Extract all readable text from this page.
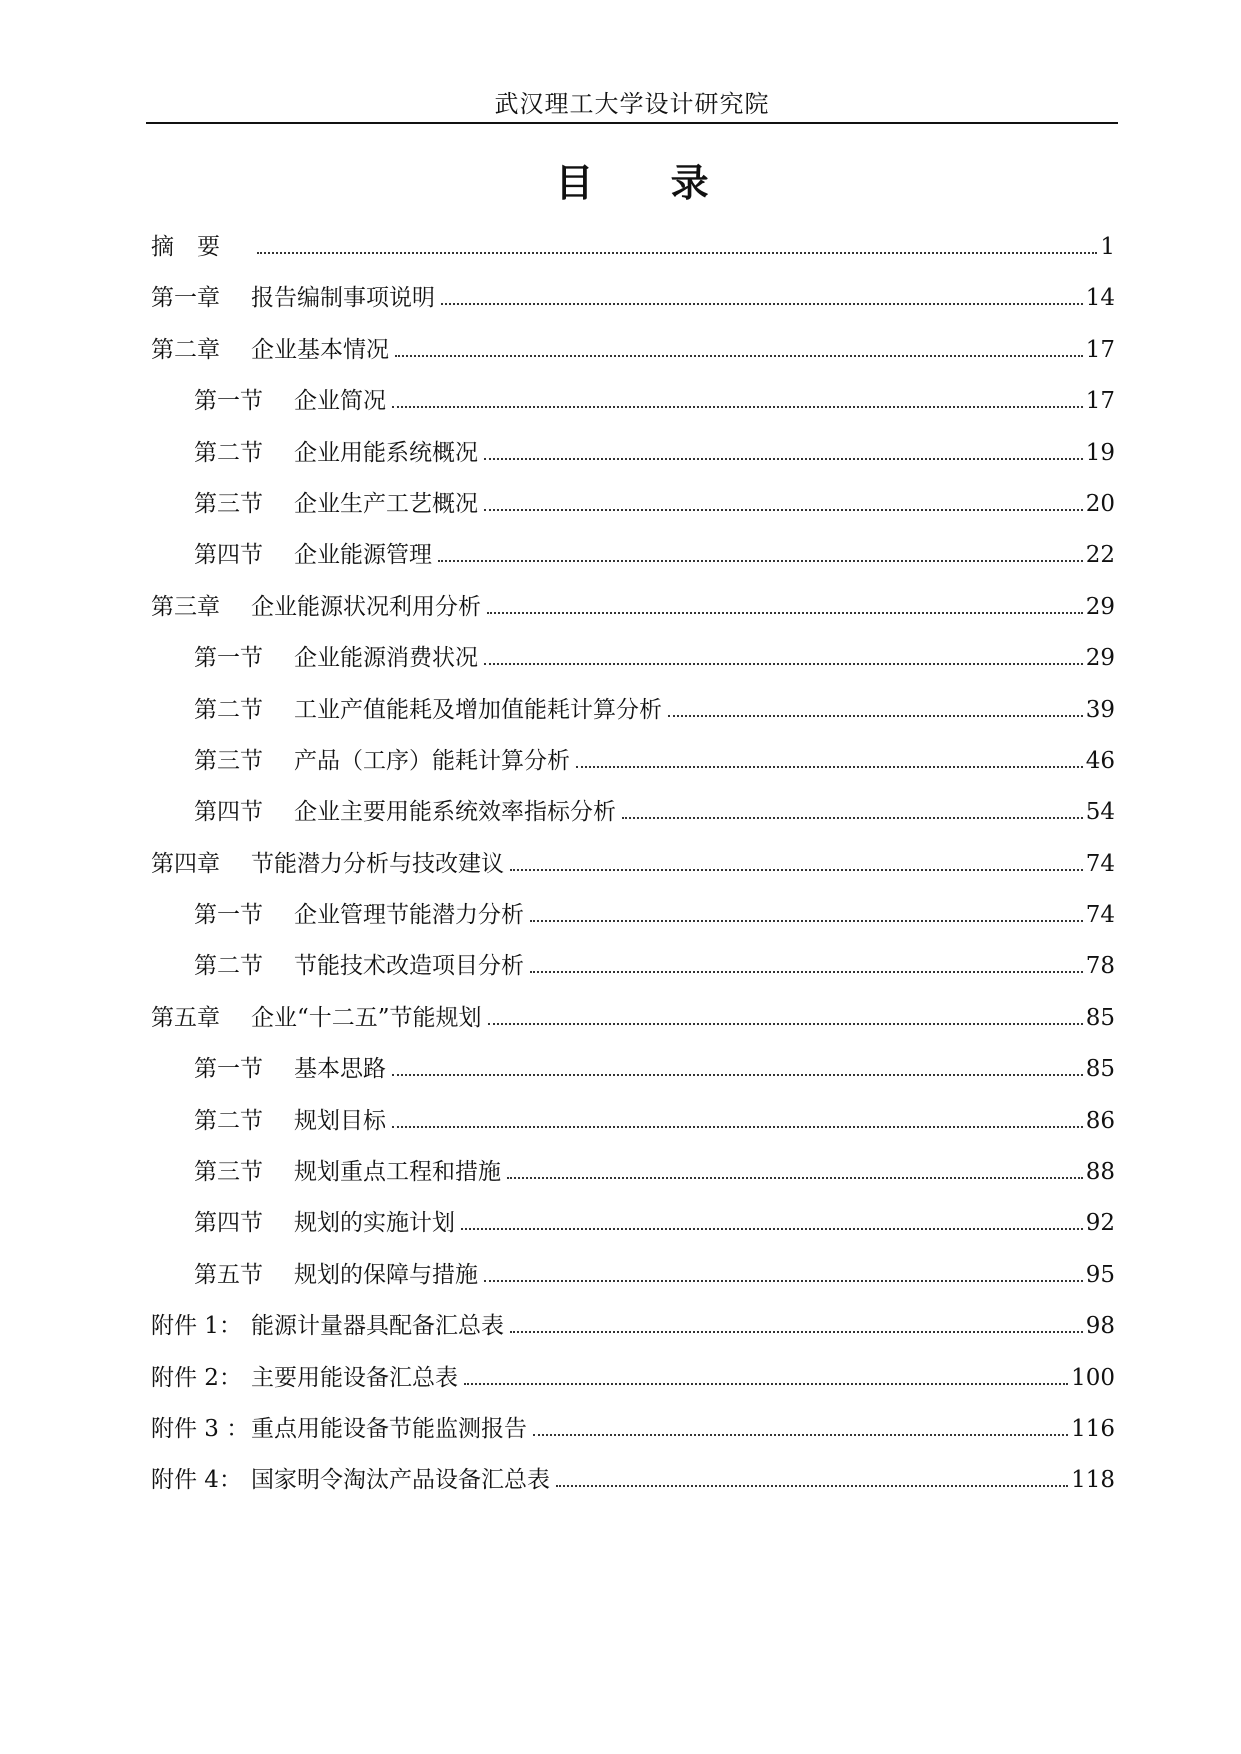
武汉理工大学设计研究院
目 录
摘　要	1
第一章	报告编制事项说明	14
第二章	企业基本情况	17
第一节	企业简况	17
第二节	企业用能系统概况	19
第三节	企业生产工艺概况	20
第四节	企业能源管理	22
第三章	企业能源状况利用分析	29
第一节	企业能源消费状况	29
第二节	工业产值能耗及增加值能耗计算分析	39
第三节	产品（工序）能耗计算分析	46
第四节	企业主要用能系统效率指标分析	54
第四章	节能潜力分析与技改建议	74
第一节	企业管理节能潜力分析	74
第二节	节能技术改造项目分析	78
第五章	企业“十二五”节能规划	85
第一节	基本思路	85
第二节	规划目标	86
第三节	规划重点工程和措施	88
第四节	规划的实施计划	92
第五节	规划的保障与措施	95
附件 1： 能源计量器具配备汇总表	98
附件 2： 主要用能设备汇总表	100
附件 3 ： 重点用能设备节能监测报告	116
附件 4： 国家明令淘汰产品设备汇总表	118
